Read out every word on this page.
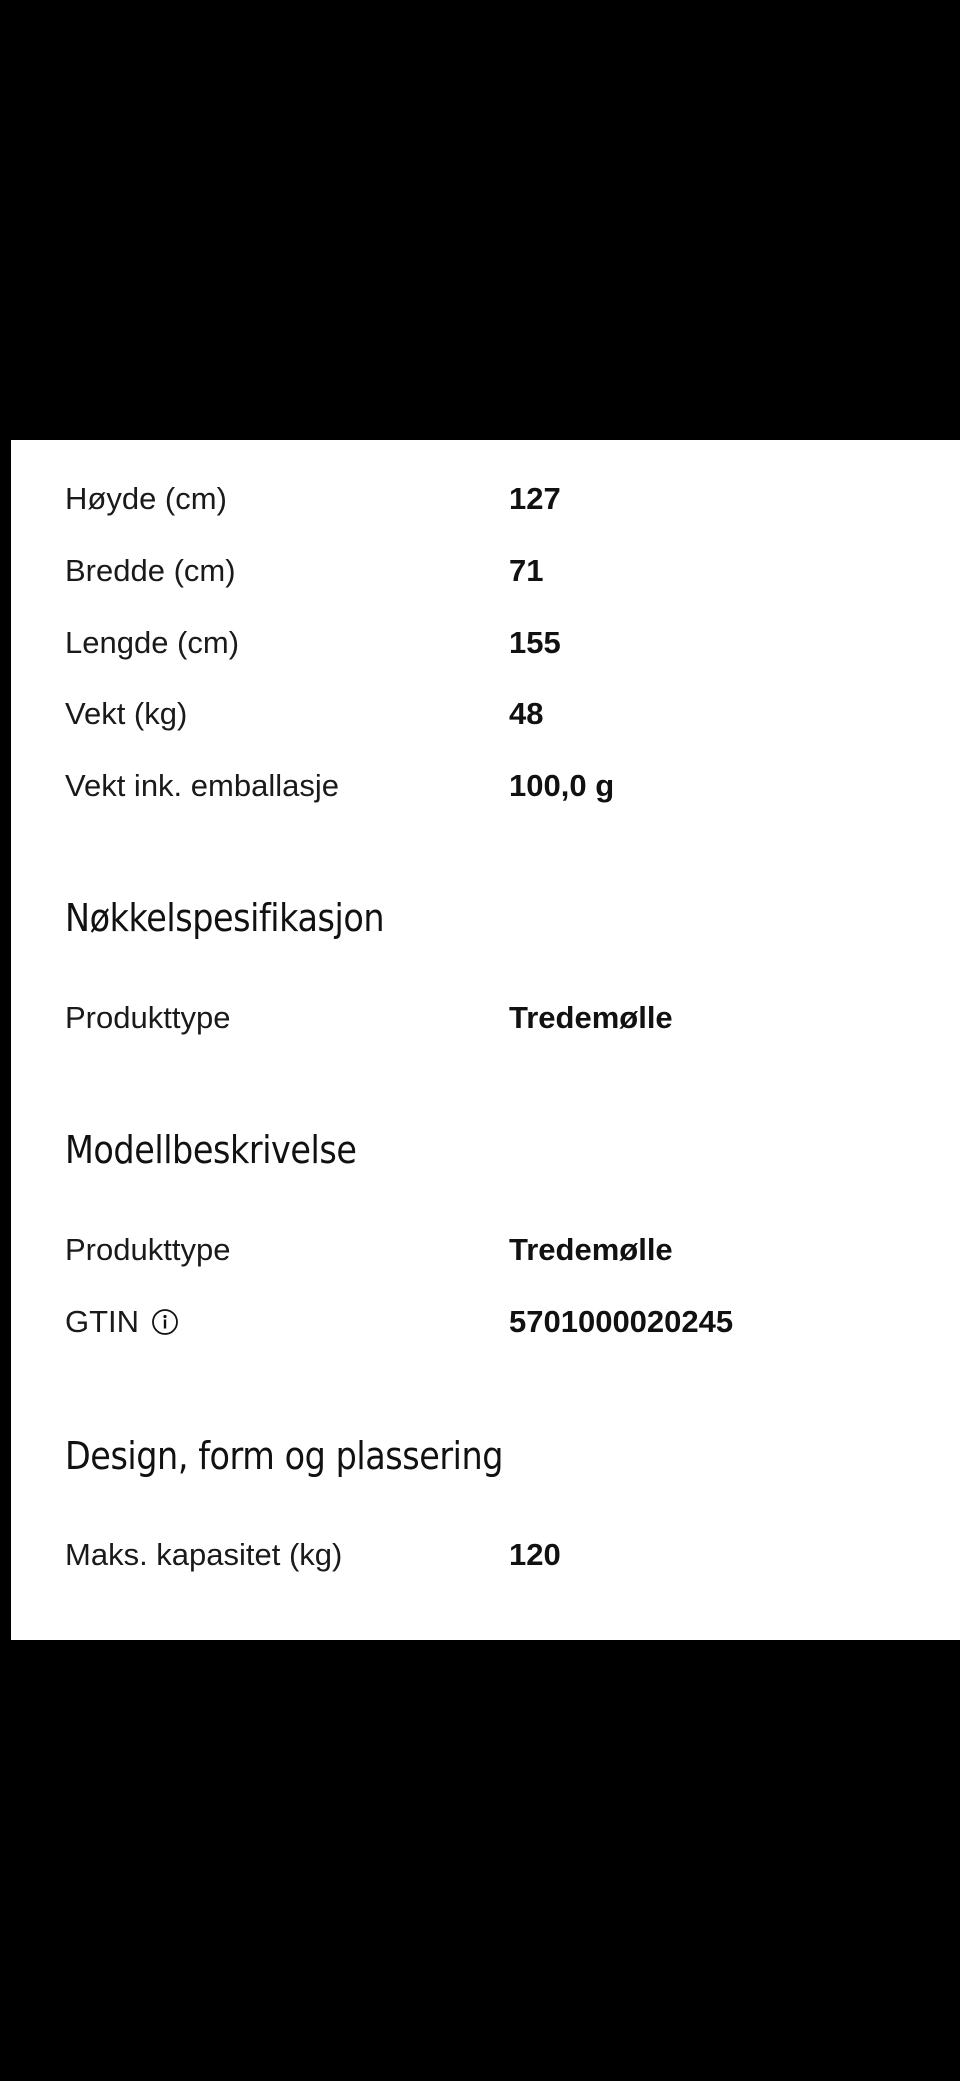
Høyde (cm)	127
Bredde (cm)	71
Lengde (cm)	155
Vekt (kg)	48
Vekt ink. emballasje	100,0 g
Nøkkelspesifikasjon
Produkttype	Tredemølle
Modellbeskrivelse
Produkttype	Tredemølle
GTIN	5701000020245
Design, form og plassering
Maks. kapasitet (kg)	120
